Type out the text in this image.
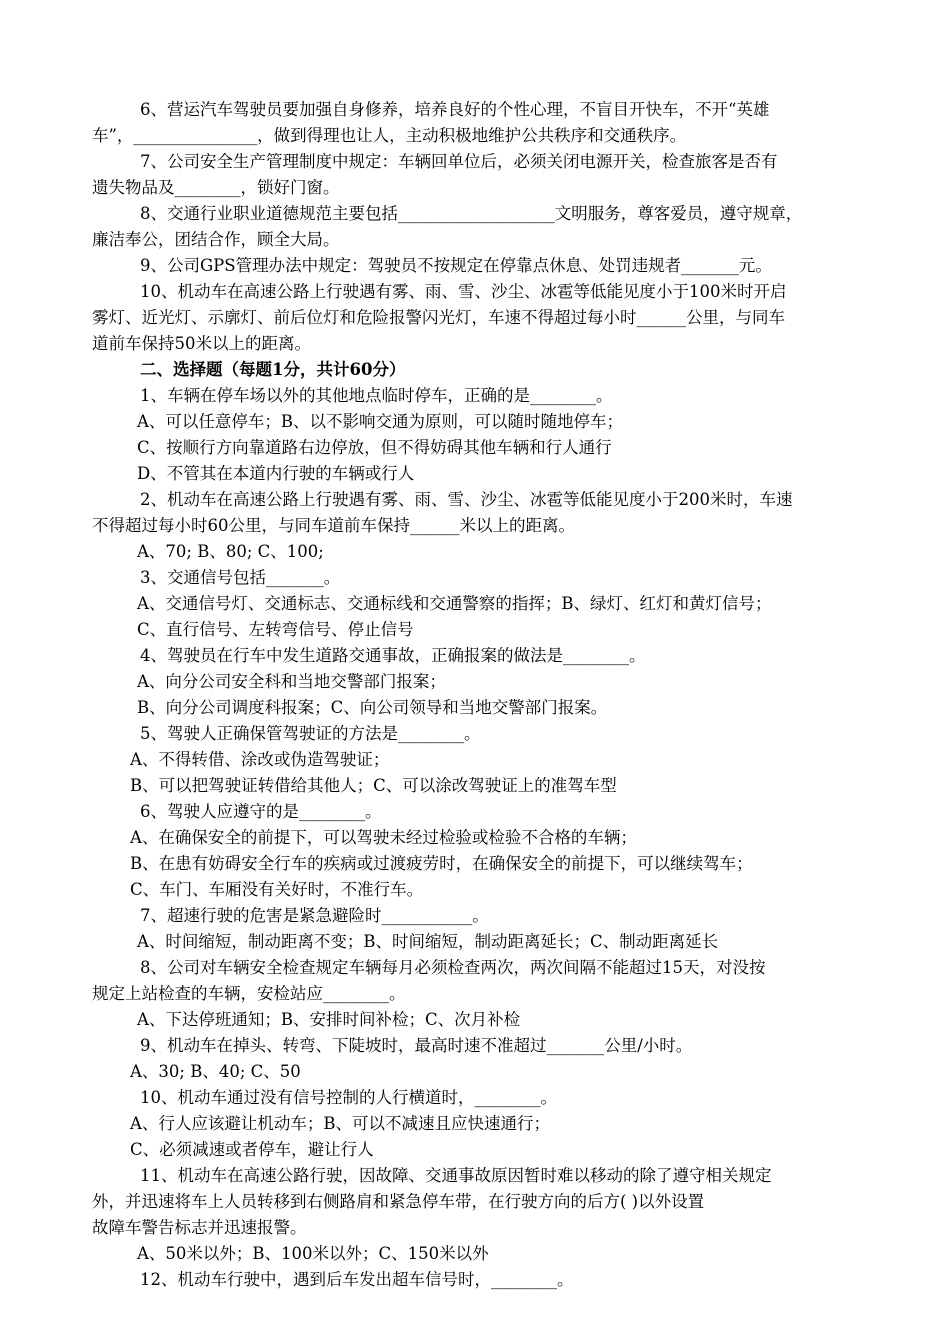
6、营运汽车驾驶员要加强自身修养，培养良好的个性心理，不盲目开快车，不开“英雄
车”，_______________，做到得理也让人，主动积极地维护公共秩序和交通秩序。
7、公司安全生产管理制度中规定：车辆回单位后，必须关闭电源开关，检查旅客是否有
遗失物品及________，锁好门窗。
8、交通行业职业道德规范主要包括___________________文明服务，尊客爱员，遵守规章，
廉洁奉公，团结合作，顾全大局。
9、公司GPS管理办法中规定：驾驶员不按规定在停靠点休息、处罚违规者_______元。
10、机动车在高速公路上行驶遇有雾、雨、雪、沙尘、冰雹等低能见度小于100米时开启
雾灯、近光灯、示廓灯、前后位灯和危险报警闪光灯，车速不得超过每小时______公里，与同车
道前车保持50米以上的距离。
二、选择题（每题1分，共计60分）
1、车辆在停车场以外的其他地点临时停车，正确的是________。
A、可以任意停车；B、以不影响交通为原则，可以随时随地停车；
C、按顺行方向靠道路右边停放，但不得妨碍其他车辆和行人通行
D、不管其在本道内行驶的车辆或行人
2、机动车在高速公路上行驶遇有雾、雨、雪、沙尘、冰雹等低能见度小于200米时，车速
不得超过每小时60公里，与同车道前车保持______米以上的距离。
A、70; B、80; C、100;
3、交通信号包括_______。
A、交通信号灯、交通标志、交通标线和交通警察的指挥；B、绿灯、红灯和黄灯信号；
C、直行信号、左转弯信号、停止信号
4、驾驶员在行车中发生道路交通事故，正确报案的做法是________。
A、向分公司安全科和当地交警部门报案；
B、向分公司调度科报案；C、向公司领导和当地交警部门报案。
5、驾驶人正确保管驾驶证的方法是________。
A、不得转借、涂改或伪造驾驶证；
B、可以把驾驶证转借给其他人；C、可以涂改驾驶证上的准驾车型
6、驾驶人应遵守的是________。
A、在确保安全的前提下，可以驾驶未经过检验或检验不合格的车辆；
B、在患有妨碍安全行车的疾病或过渡疲劳时，在确保安全的前提下，可以继续驾车；
C、车门、车厢没有关好时，不准行车。
7、超速行驶的危害是紧急避险时___________。
A、时间缩短，制动距离不变；B、时间缩短，制动距离延长；C、制动距离延长
8、公司对车辆安全检查规定车辆每月必须检查两次，两次间隔不能超过15天，对没按
规定上站检查的车辆，安检站应________。
A、下达停班通知；B、安排时间补检；C、次月补检
9、机动车在掉头、转弯、下陡坡时，最高时速不准超过_______公里/小时。
A、30; B、40; C、50
10、机动车通过没有信号控制的人行横道时，________。
A、行人应该避让机动车；B、可以不减速且应快速通行；
C、必须减速或者停车，避让行人
11、机动车在高速公路行驶，因故障、交通事故原因暂时难以移动的除了遵守相关规定
外，并迅速将车上人员转移到右侧路肩和紧急停车带，在行驶方向的后方( )以外设置
故障车警告标志并迅速报警。
A、50米以外；B、100米以外；C、150米以外
12、机动车行驶中，遇到后车发出超车信号时，________。
